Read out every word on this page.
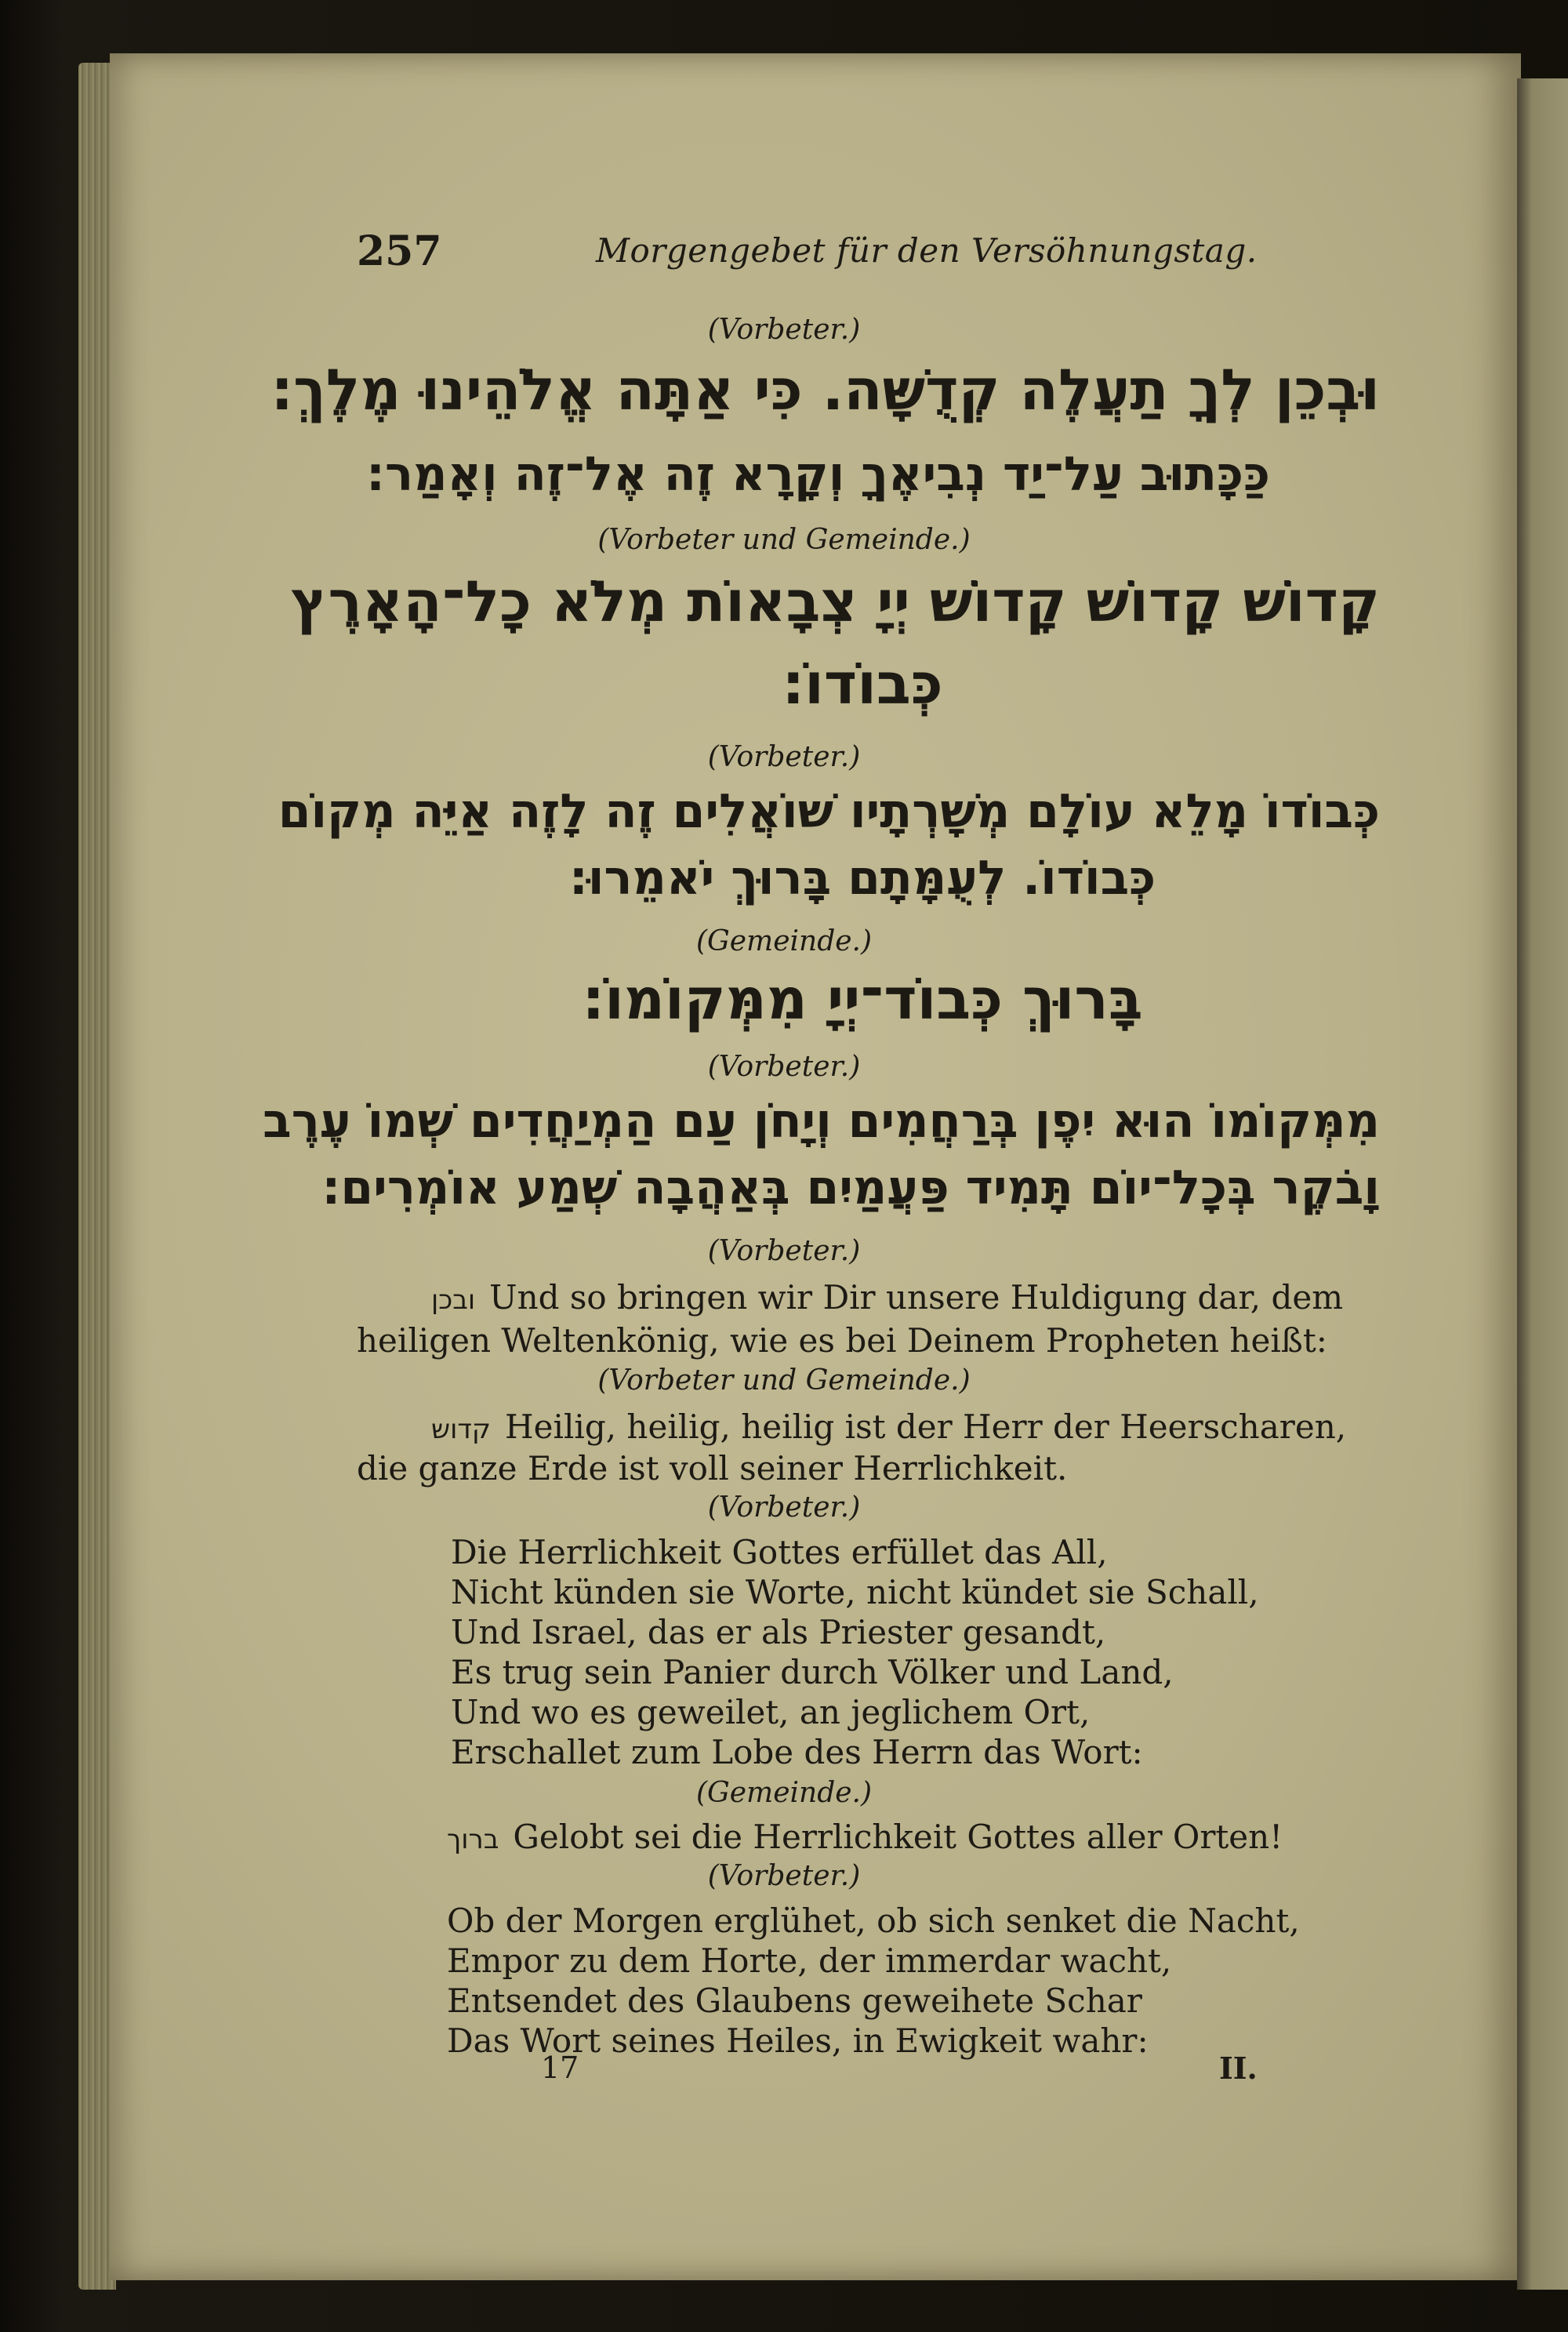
257	Morgengebet für den Versöhnungstag.
(Vorbeter.)
וּבְכֵן לְךָ תַעֲלֶה קְדֻשָּׁה. כִּי אַתָּה אֱלֹהֵינוּ מֶלֶךְ:
כַּכָּתוּב עַל־יַד נְבִיאֶךָ וְקָרָא זֶה אֶל־זֶה וְאָמַר:
(Vorbeter und Gemeinde.)
קָדוֹשׁ קָדוֹשׁ קָדוֹשׁ יְיָ צְבָאוֹת מְלֹא כָל־הָאָרֶץ
כְּבוֹדוֹ:
(Vorbeter.)
כְּבוֹדוֹ מָלֵא עוֹלָם מְשָׁרְתָיו שׁוֹאֲלִים זֶה לָזֶה אַיֵּה מְקוֹם
כְּבוֹדוֹ. לְעֻמָּתָם בָּרוּךְ יֹאמֵרוּ:
(Gemeinde.)
בָּרוּךְ כְּבוֹד־יְיָ מִמְּקוֹמוֹ:
(Vorbeter.)
מִמְּקוֹמוֹ הוּא יִפֶן בְּרַחֲמִים וְיָחֹן עַם הַמְיַחֲדִים שְׁמוֹ עֶרֶב
וָבֹקֶר בְּכָל־יוֹם תָּמִיד פַּעֲמַיִם בְּאַהֲבָה שְׁמַע אוֹמְרִים:
(Vorbeter.)
ובכן Und so bringen wir Dir unsere Huldigung dar, dem
heiligen Weltenkönig, wie es bei Deinem Propheten heißt:
(Vorbeter und Gemeinde.)
קדוש Heilig, heilig, heilig ist der Herr der Heerscharen,
die ganze Erde ist voll seiner Herrlichkeit.
(Vorbeter.)
Die Herrlichkeit Gottes erfüllet das All,
Nicht künden sie Worte, nicht kündet sie Schall,
Und Israel, das er als Priester gesandt,
Es trug sein Panier durch Völker und Land,
Und wo es geweilet, an jeglichem Ort,
Erschallet zum Lobe des Herrn das Wort:
(Gemeinde.)
ברוך Gelobt sei die Herrlichkeit Gottes aller Orten!
(Vorbeter.)
Ob der Morgen erglühet, ob sich senket die Nacht,
Empor zu dem Horte, der immerdar wacht,
Entsendet des Glaubens geweihete Schar
Das Wort seines Heiles, in Ewigkeit wahr:
17	II.
